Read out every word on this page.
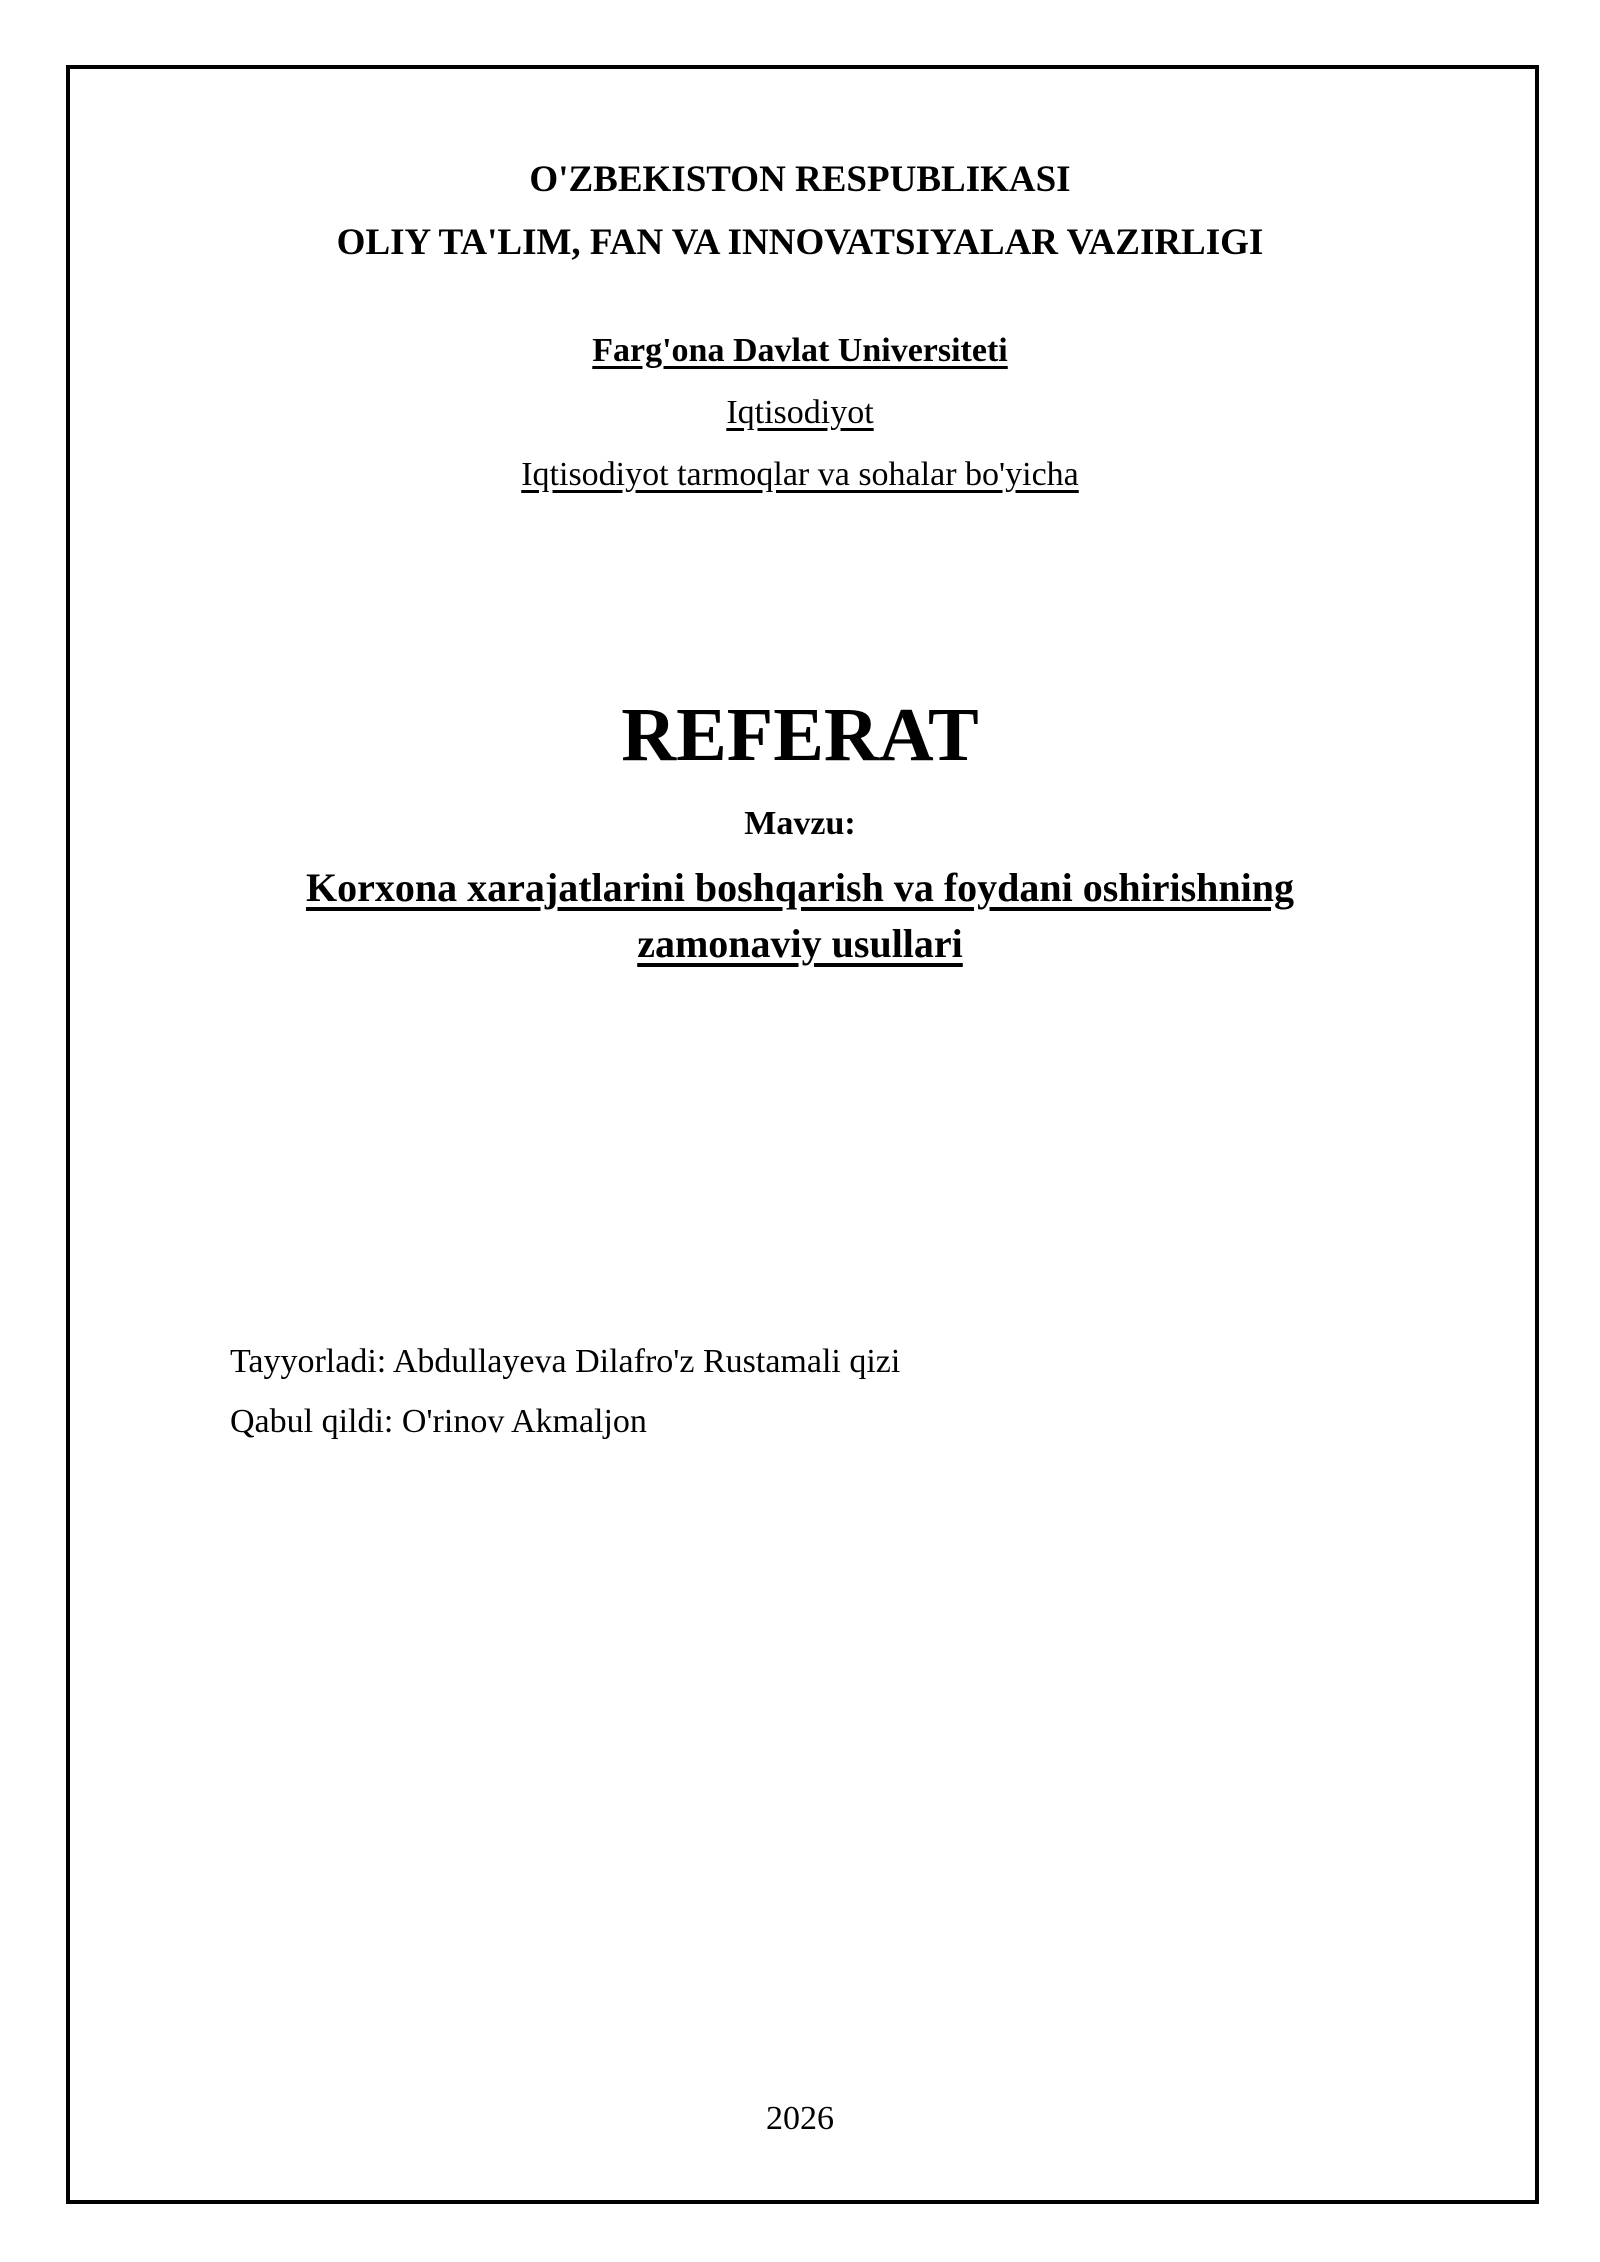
O'ZBEKISTON RESPUBLIKASI
OLIY TA'LIM, FAN VA INNOVATSIYALAR VAZIRLIGI
Farg'ona Davlat Universiteti
Iqtisodiyot
Iqtisodiyot tarmoqlar va sohalar bo'yicha
REFERAT
Mavzu:
Korxona xarajatlarini boshqarish va foydani oshirishning
zamonaviy usullari
Tayyorladi: Abdullayeva Dilafro'z Rustamali qizi
Qabul qildi: O'rinov Akmaljon
2026
